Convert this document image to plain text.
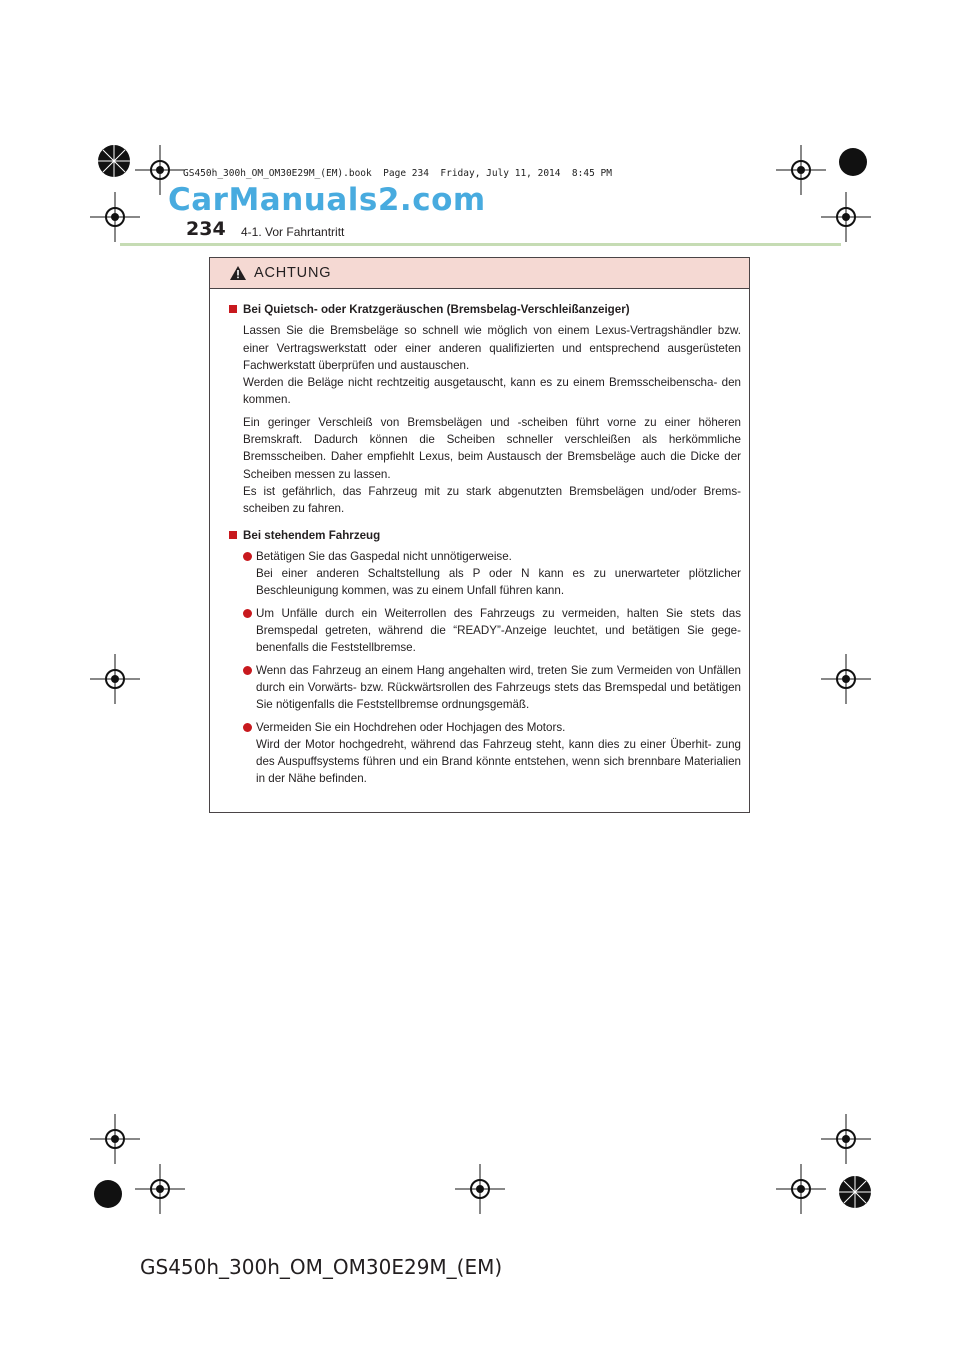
GS450h_300h_OM_OM30E29M_(EM).book  Page 234  Friday, July 11, 2014  8:45 PM
CarManuals2.com
234 4-1. Vor Fahrtantritt
ACHTUNG
Bei Quietsch- oder Kratzgeräuschen (Bremsbelag-Verschleißanzeiger)
Lassen Sie die Bremsbeläge so schnell wie möglich von einem Lexus-Vertragshändler bzw. einer Vertragswerkstatt oder einer anderen qualifizierten und entsprechend ausgerüsteten Fachwerkstatt überprüfen und austauschen.
Werden die Beläge nicht rechtzeitig ausgetauscht, kann es zu einem Bremsscheibenscha- den kommen.
Ein geringer Verschleiß von Bremsbelägen und -scheiben führt vorne zu einer höheren Bremskraft. Dadurch können die Scheiben schneller verschleißen als herkömmliche Bremsscheiben. Daher empfiehlt Lexus, beim Austausch der Bremsbeläge auch die Dicke der Scheiben messen zu lassen.
Es ist gefährlich, das Fahrzeug mit zu stark abgenutzten Bremsbelägen und/oder Brems- scheiben zu fahren.
Bei stehendem Fahrzeug
Betätigen Sie das Gaspedal nicht unnötigerweise.
Bei einer anderen Schaltstellung als P oder N kann es zu unerwarteter plötzlicher Beschleunigung kommen, was zu einem Unfall führen kann.
Um Unfälle durch ein Weiterrollen des Fahrzeugs zu vermeiden, halten Sie stets das Bremspedal getreten, während die “READY”-Anzeige leuchtet, und betätigen Sie gege- benenfalls die Feststellbremse.
Wenn das Fahrzeug an einem Hang angehalten wird, treten Sie zum Vermeiden von Unfällen durch ein Vorwärts- bzw. Rückwärtsrollen des Fahrzeugs stets das Bremspedal und betätigen Sie nötigenfalls die Feststellbremse ordnungsgemäß.
Vermeiden Sie ein Hochdrehen oder Hochjagen des Motors.
Wird der Motor hochgedreht, während das Fahrzeug steht, kann dies zu einer Überhit- zung des Auspuffsystems führen und ein Brand könnte entstehen, wenn sich brennbare Materialien in der Nähe befinden.
GS450h_300h_OM_OM30E29M_(EM)
